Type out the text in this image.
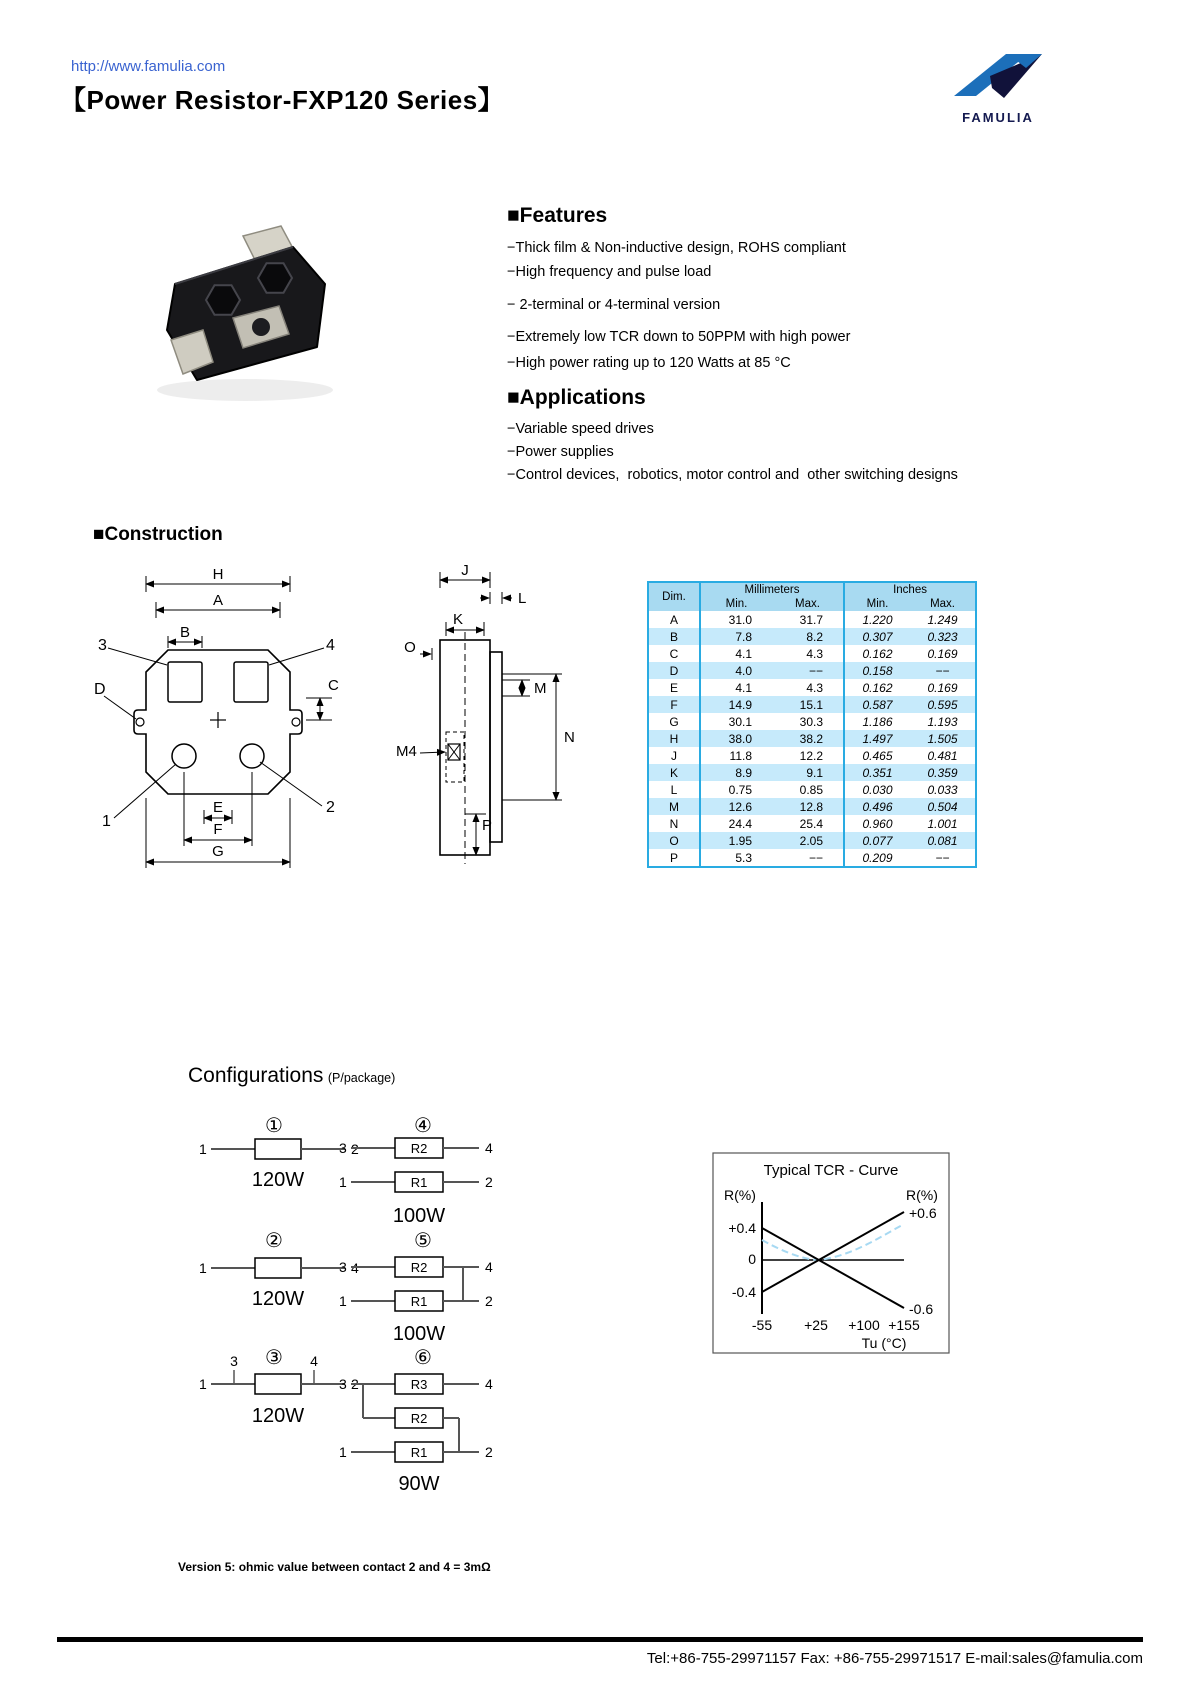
http://www.famulia.com
【Power Resistor-FXP120 Series】
FAMULIA
■Features
−Thick film & Non-inductive design, ROHS compliant
−High frequency and pulse load
− 2-terminal or 4-terminal version
−Extremely low TCR down to 50PPM with high power
−High power rating up to 120 Watts at 85 °C
■Applications
−Variable speed drives
−Power supplies
−Control devices,  robotics, motor control and  other switching designs
■Construction
H
A
B
3	4
D	C
1
2
E
F
G
J
L
K
O
M4
M
N
P
Dim.	Millimeters		Inches	
	Min.	Max.	Min.	Max.
A	31.0	31.7	1.220	1.249
B	7.8	8.2	0.307	0.323
C	4.1	4.3	0.162	0.169
D	4.0	−−	0.158	−−
E	4.1	4.3	0.162	0.169
F	14.9	15.1	0.587	0.595
G	30.1	30.3	1.186	1.193
H	38.0	38.2	1.497	1.505
J	11.8	12.2	0.465	0.481
K	8.9	9.1	0.351	0.359
L	0.75	0.85	0.030	0.033
M	12.6	12.8	0.496	0.504
N	24.4	25.4	0.960	1.001
O	1.95	2.05	0.077	0.081
P	5.3	−−	0.209	−−
Configurations (P/package)
①
1	2
120W
④
3	R2	4
1	R1	2
100W
②
1	4
120W
⑤
3	R2	4
1	R1	2
100W
③
3	4
1	2
120W
⑥
3	R3	4
R2
1	R1	2
90W
Typical TCR - Curve
R(%)	R(%)
+0.4
0
-0.4
+0.6
-0.6
-55 +25 +100 +155
Tu (°C)
Version 5: ohmic value between contact 2 and 4 = 3mΩ
Tel:+86-755-29971157 Fax: +86-755-29971517 E-mail:sales@famulia.com
